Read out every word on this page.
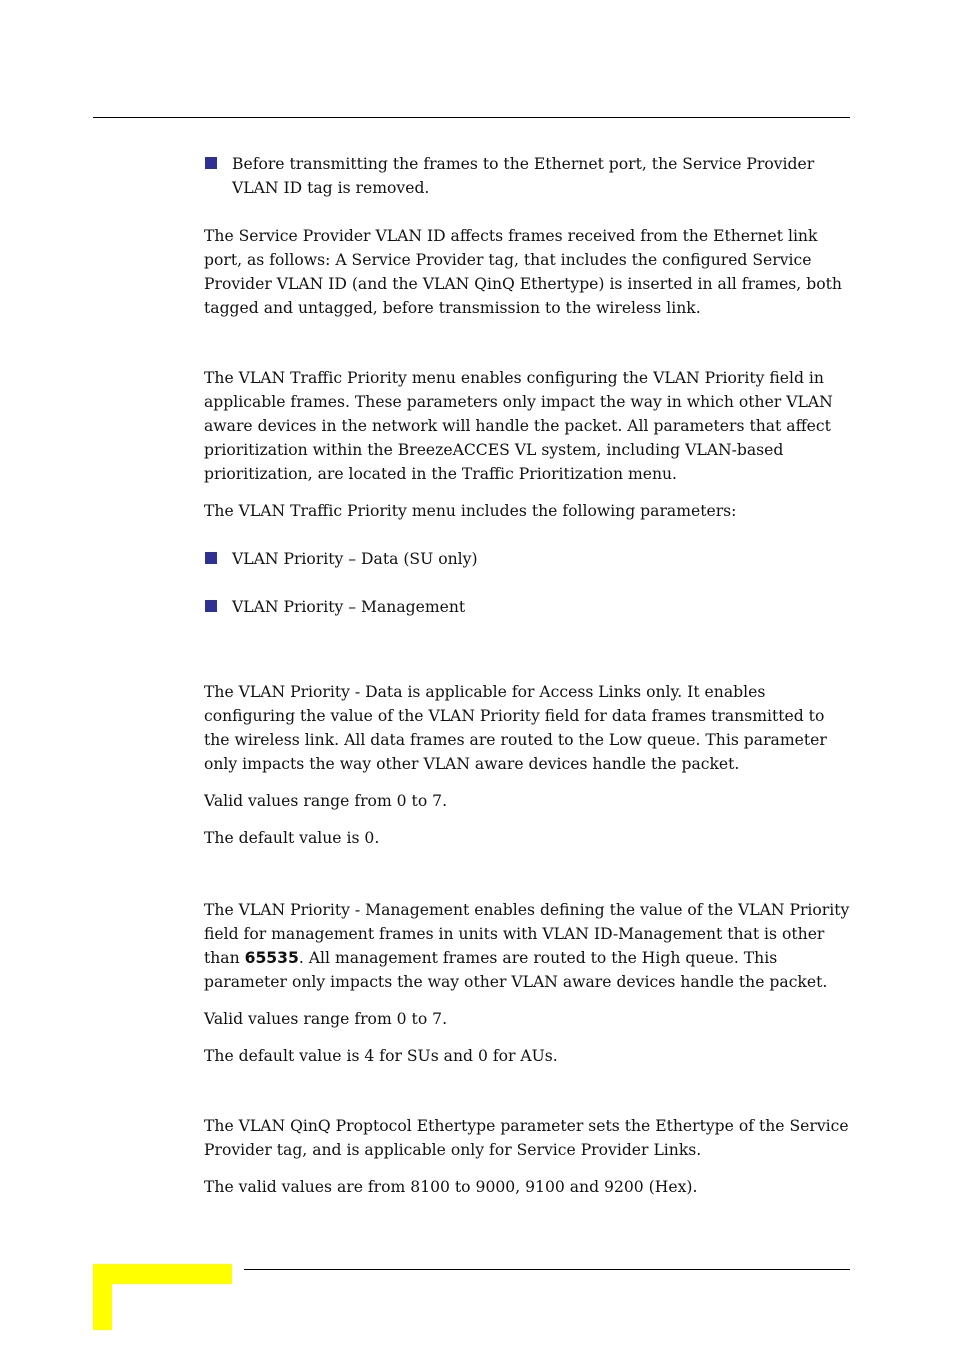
Before transmitting the frames to the Ethernet port, the Service Provider VLAN ID tag is removed.

The Service Provider VLAN ID affects frames received from the Ethernet link port, as follows: A Service Provider tag, that includes the configured Service Provider VLAN ID (and the VLAN QinQ Ethertype) is inserted in all frames, both tagged and untagged, before transmission to the wireless link.

The VLAN Traffic Priority menu enables configuring the VLAN Priority field in applicable frames. These parameters only impact the way in which other VLAN aware devices in the network will handle the packet. All parameters that affect prioritization within the BreezeACCES VL system, including VLAN-based prioritization, are located in the Traffic Prioritization menu.

The VLAN Traffic Priority menu includes the following parameters:

VLAN Priority – Data (SU only)
VLAN Priority – Management

The VLAN Priority - Data is applicable for Access Links only. It enables configuring the value of the VLAN Priority field for data frames transmitted to the wireless link. All data frames are routed to the Low queue. This parameter only impacts the way other VLAN aware devices handle the packet.

Valid values range from 0 to 7.

The default value is 0.

The VLAN Priority - Management enables defining the value of the VLAN Priority field for management frames in units with VLAN ID-Management that is other than 65535. All management frames are routed to the High queue. This parameter only impacts the way other VLAN aware devices handle the packet.

Valid values range from 0 to 7.

The default value is 4 for SUs and 0 for AUs.

The VLAN QinQ Proptocol Ethertype parameter sets the Ethertype of the Service Provider tag, and is applicable only for Service Provider Links.

The valid values are from 8100 to 9000, 9100 and 9200 (Hex).
